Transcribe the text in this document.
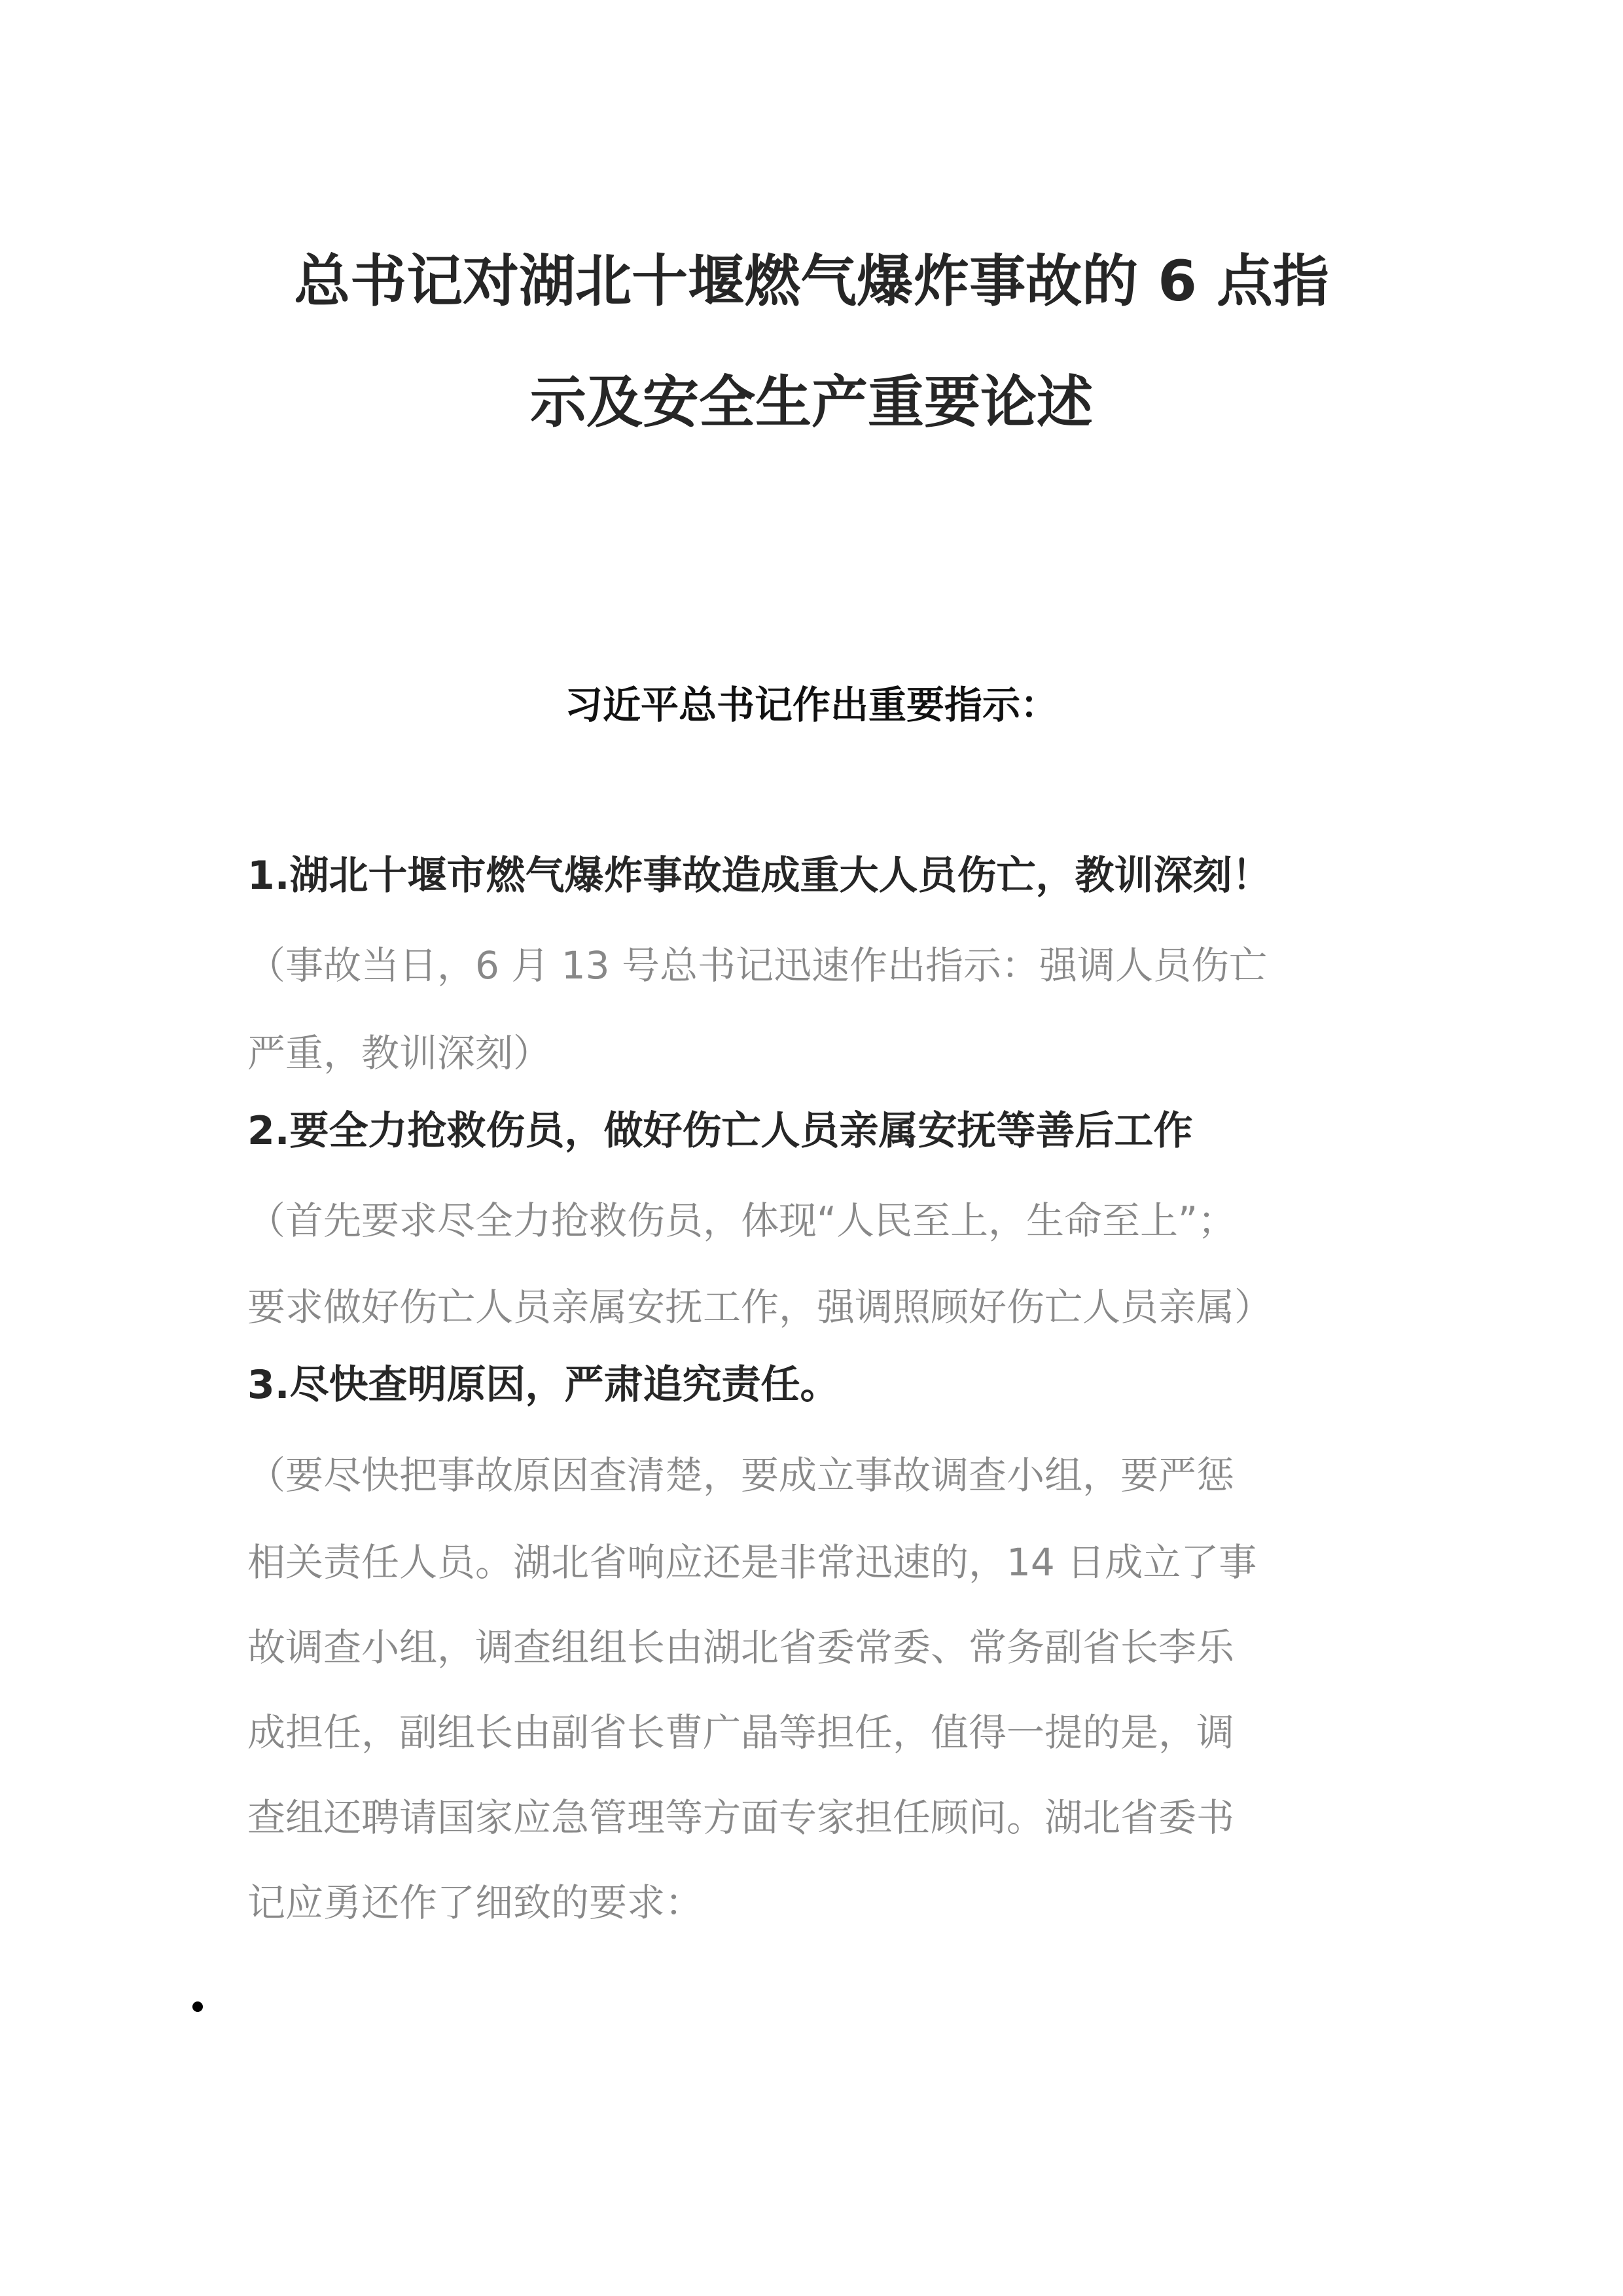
总书记对湖北十堰燃气爆炸事故的 6 点指
示及安全生产重要论述
习近平总书记作出重要指示：
1.湖北十堰市燃气爆炸事故造成重大人员伤亡，教训深刻！
（事故当日，6 月 13 号总书记迅速作出指示：强调人员伤亡
严重，教训深刻）
2.要全力抢救伤员，做好伤亡人员亲属安抚等善后工作
（首先要求尽全力抢救伤员，体现“人民至上，生命至上”；
要求做好伤亡人员亲属安抚工作，强调照顾好伤亡人员亲属）
3.尽快查明原因，严肃追究责任。
（要尽快把事故原因查清楚，要成立事故调查小组，要严惩
相关责任人员。湖北省响应还是非常迅速的，14 日成立了事
故调查小组，调查组组长由湖北省委常委、常务副省长李乐
成担任，副组长由副省长曹广晶等担任，值得一提的是，调
查组还聘请国家应急管理等方面专家担任顾问。湖北省委书
记应勇还作了细致的要求：
